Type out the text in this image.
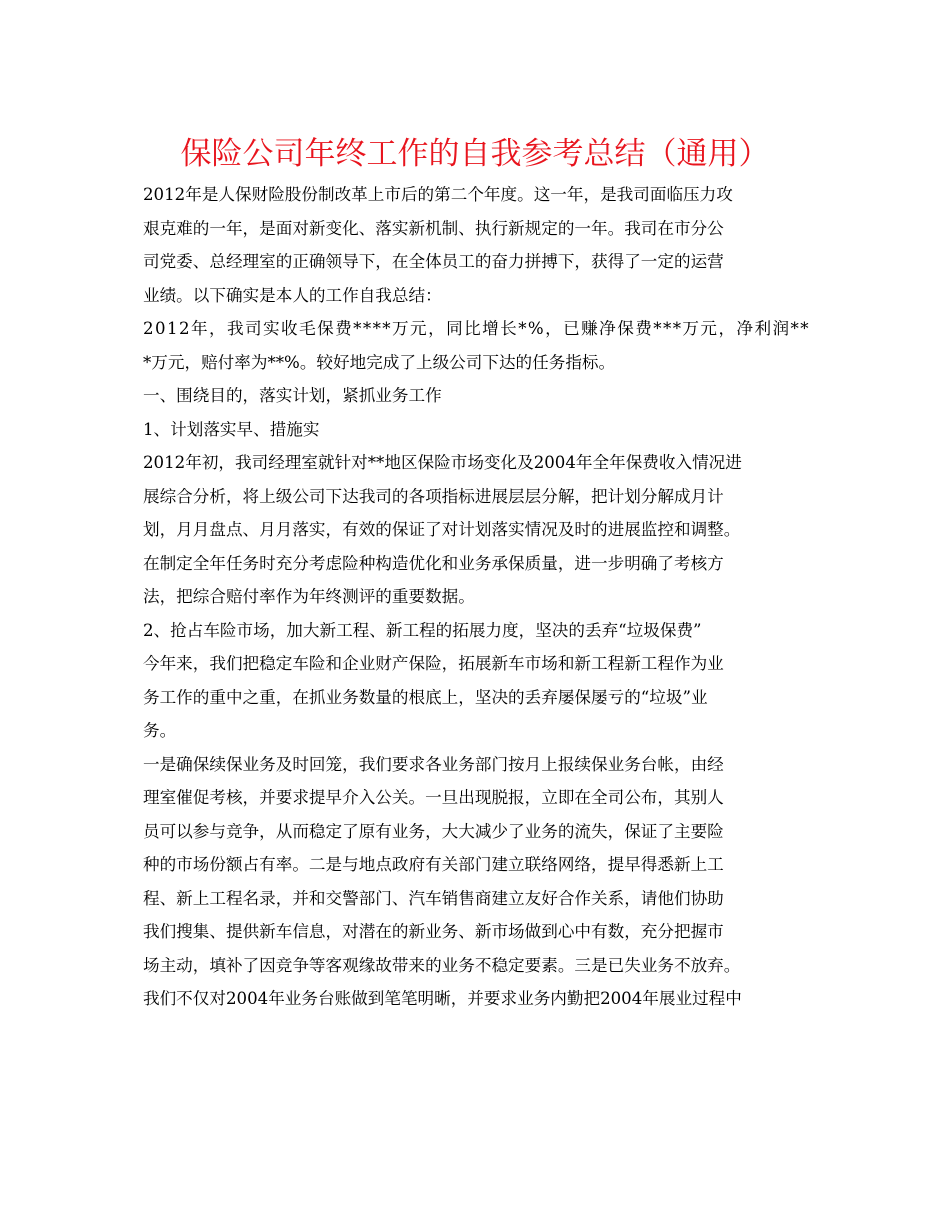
保险公司年终工作的自我参考总结（通用）
2012年是人保财险股份制改革上市后的第二个年度。这一年，是我司面临压力攻
艰克难的一年，是面对新变化、落实新机制、执行新规定的一年。我司在市分公
司党委、总经理室的正确领导下，在全体员工的奋力拼搏下，获得了一定的运营
业绩。以下确实是本人的工作自我总结：
2012年，我司实收毛保费****万元，同比增长*%，已赚净保费***万元，净利润**
*万元，赔付率为**%。较好地完成了上级公司下达的任务指标。
一、围绕目的，落实计划，紧抓业务工作
1、计划落实早、措施实
2012年初，我司经理室就针对**地区保险市场变化及2004年全年保费收入情况进
展综合分析，将上级公司下达我司的各项指标进展层层分解，把计划分解成月计
划，月月盘点、月月落实，有效的保证了对计划落实情况及时的进展监控和调整。
在制定全年任务时充分考虑险种构造优化和业务承保质量，进一步明确了考核方
法，把综合赔付率作为年终测评的重要数据。
2、抢占车险市场，加大新工程、新工程的拓展力度，坚决的丢弃“垃圾保费”
今年来，我们把稳定车险和企业财产保险，拓展新车市场和新工程新工程作为业
务工作的重中之重，在抓业务数量的根底上，坚决的丢弃屡保屡亏的“垃圾”业
务。
一是确保续保业务及时回笼，我们要求各业务部门按月上报续保业务台帐，由经
理室催促考核，并要求提早介入公关。一旦出现脱报，立即在全司公布，其别人
员可以参与竞争，从而稳定了原有业务，大大减少了业务的流失，保证了主要险
种的市场份额占有率。二是与地点政府有关部门建立联络网络，提早得悉新上工
程、新上工程名录，并和交警部门、汽车销售商建立友好合作关系，请他们协助
我们搜集、提供新车信息，对潜在的新业务、新市场做到心中有数，充分把握市
场主动，填补了因竞争等客观缘故带来的业务不稳定要素。三是已失业务不放弃。
我们不仅对2004年业务台账做到笔笔明晰，并要求业务内勤把2004年展业过程中
